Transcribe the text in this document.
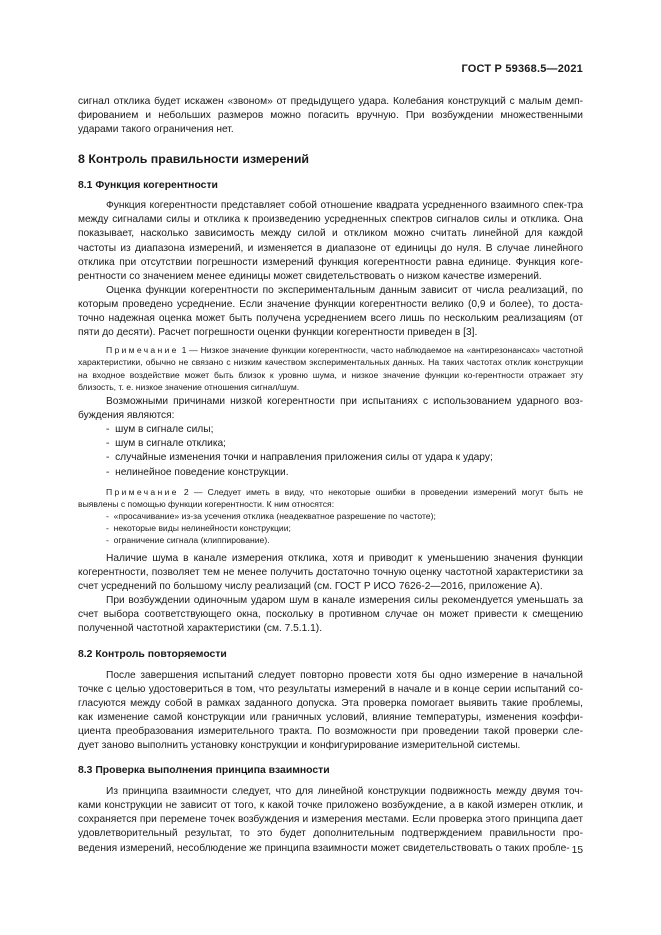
ГОСТ Р 59368.5—2021

сигнал отклика будет искажен «звоном» от предыдущего удара. Колебания конструкций с малым демп-фированием и небольших размеров можно погасить вручную. При возбуждении множественными ударами такого ограничения нет.

8 Контроль правильности измерений
8.1 Функция когерентности

Функция когерентности представляет собой отношение квадрата усредненного взаимного спек-тра между сигналами силы и отклика к произведению усредненных спектров сигналов силы и отклика. Она показывает, насколько зависимость между силой и откликом можно считать линейной для каждой частоты из диапазона измерений, и изменяется в диапазоне от единицы до нуля. В случае линейного отклика при отсутствии погрешности измерений функция когерентности равна единице. Функция коге-рентности со значением менее единицы может свидетельствовать о низком качестве измерений.

Оценка функции когерентности по экспериментальным данным зависит от числа реализаций, по которым проведено усреднение. Если значение функции когерентности велико (0,9 и более), то доста-точно надежная оценка может быть получена усреднением всего лишь по нескольким реализациям (от пяти до десяти). Расчет погрешности оценки функции когерентности приведен в [3].

Примечание 1 — Низкое значение функции когерентности, часто наблюдаемое на «антирезонансах» частотной характеристики, обычно не связано с низким качеством экспериментальных данных. На таких частотах отклик конструкции на входное воздействие может быть близок к уровню шума, и низкое значение функции ко-герентности отражает эту близость, т. е. низкое значение отношения сигнал/шум.

Возможными причинами низкой когерентности при испытаниях с использованием ударного воз-буждения являются:

-  шум в сигнале силы;
-  шум в сигнале отклика;
-  случайные изменения точки и направления приложения силы от удара к удару;
-  нелинейное поведение конструкции.

Примечание 2 — Следует иметь в виду, что некоторые ошибки в проведении измерений могут быть не выявлены с помощью функции когерентности. К ним относятся:

-  «просачивание» из-за усечения отклика (неадекватное разрешение по частоте);
-  некоторые виды нелинейности конструкции;
-  ограничение сигнала (клиппирование).

Наличие шума в канале измерения отклика, хотя и приводит к уменьшению значения функции когерентности, позволяет тем не менее получить достаточно точную оценку частотной характеристики за счет усреднений по большому числу реализаций (см. ГОСТ Р ИСО 7626-2—2016, приложение А).

При возбуждении одиночным ударом шум в канале измерения силы рекомендуется уменьшать за счет выбора соответствующего окна, поскольку в противном случае он может привести к смещению полученной частотной характеристики (см. 7.5.1.1).

8.2 Контроль повторяемости

После завершения испытаний следует повторно провести хотя бы одно измерение в начальной точке с целью удостовериться в том, что результаты измерений в начале и в конце серии испытаний со-гласуются между собой в рамках заданного допуска. Эта проверка помогает выявить такие проблемы, как изменение самой конструкции или граничных условий, влияние температуры, изменения коэффи-циента преобразования измерительного тракта. По возможности при проведении такой проверки сле-дует заново выполнить установку конструкции и конфигурирование измерительной системы.

8.3 Проверка выполнения принципа взаимности

Из принципа взаимности следует, что для линейной конструкции подвижность между двумя точ-ками конструкции не зависит от того, к какой точке приложено возбуждение, а в какой измерен отклик, и сохраняется при перемене точек возбуждения и измерения местами. Если проверка этого принципа дает удовлетворительный результат, то это будет дополнительным подтверждением правильности про-ведения измерений, несоблюдение же принципа взаимности может свидетельствовать о таких пробле- 15
